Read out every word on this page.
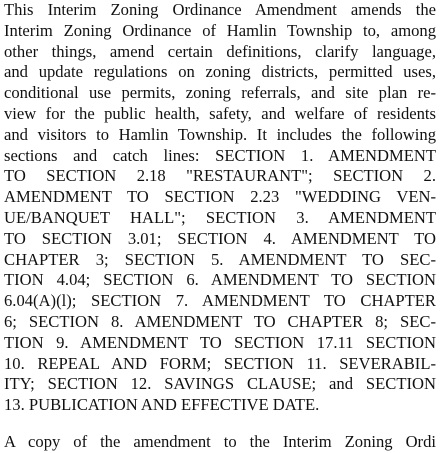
This Interim Zoning Ordinance Amendment amends the
Interim Zoning Ordinance of Hamlin Township to, among
other things, amend certain definitions, clarify language,
and update regulations on zoning districts, permitted uses,
conditional use permits, zoning referrals, and site plan re-
view for the public health, safety, and welfare of residents
and visitors to Hamlin Township. It includes the following
sections and catch lines: SECTION 1. AMENDMENT
TO SECTION 2.18 "RESTAURANT"; SECTION 2.
AMENDMENT TO SECTION 2.23 "WEDDING VEN-
UE/BANQUET HALL"; SECTION 3. AMENDMENT
TO SECTION 3.01; SECTION 4. AMENDMENT TO
CHAPTER 3; SECTION 5. AMENDMENT TO SEC-
TION 4.04; SECTION 6. AMENDMENT TO SECTION
6.04(A)(l); SECTION 7. AMENDMENT TO CHAPTER
6; SECTION 8. AMENDMENT TO CHAPTER 8; SEC-
TION 9. AMENDMENT TO SECTION 17.11 SECTION
10. REPEAL AND FORM; SECTION 11. SEVERABIL-
ITY; SECTION 12. SAVINGS CLAUSE; and SECTION
13. PUBLICATION AND EFFECTIVE DATE.

A copy of the amendment to the Interim Zoning Ordi
